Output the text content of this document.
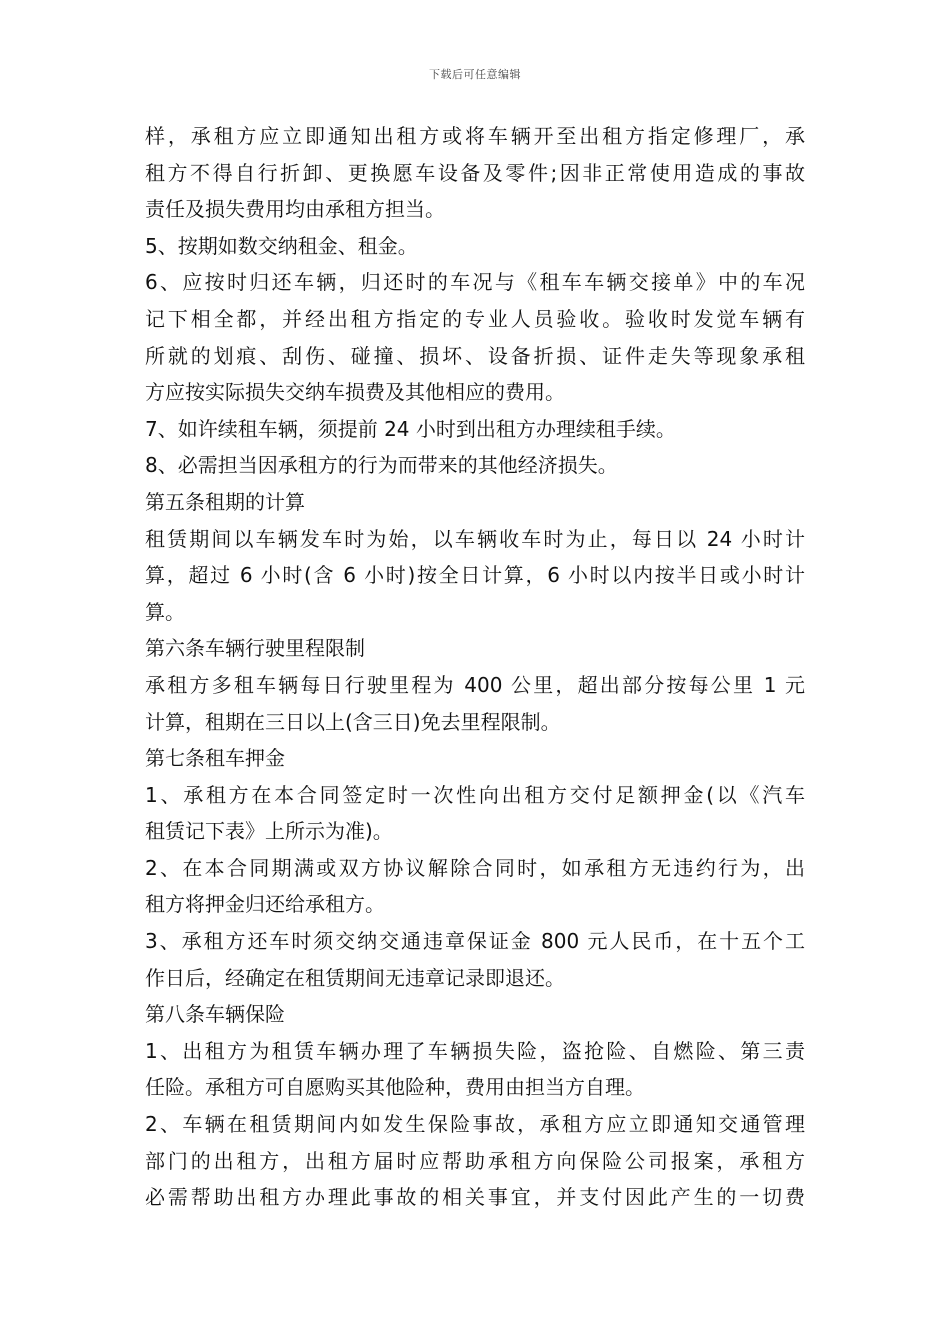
下载后可任意编辑
样，承租方应立即通知出租方或将车辆开至出租方指定修理厂，承
租方不得自行折卸、更换愿车设备及零件;因非正常使用造成的事故
责任及损失费用均由承租方担当。
5、按期如数交纳租金、租金。
6、应按时归还车辆，归还时的车况与《租车车辆交接单》中的车况
记下相全都，并经出租方指定的专业人员验收。验收时发觉车辆有
所就的划痕、刮伤、碰撞、损坏、设备折损、证件走失等现象承租
方应按实际损失交纳车损费及其他相应的费用。
7、如许续租车辆，须提前 24 小时到出租方办理续租手续。
8、必需担当因承租方的行为而带来的其他经济损失。
第五条租期的计算
租赁期间以车辆发车时为始，以车辆收车时为止，每日以 24 小时计
算，超过 6 小时(含 6 小时)按全日计算，6 小时以内按半日或小时计
算。
第六条车辆行驶里程限制
承租方多租车辆每日行驶里程为 400 公里，超出部分按每公里 1 元
计算，租期在三日以上(含三日)免去里程限制。
第七条租车押金
1、承租方在本合同签定时一次性向出租方交付足额押金(以《汽车
租赁记下表》上所示为准)。
2、在本合同期满或双方协议解除合同时，如承租方无违约行为，出
租方将押金归还给承租方。
3、承租方还车时须交纳交通违章保证金 800 元人民币，在十五个工
作日后，经确定在租赁期间无违章记录即退还。
第八条车辆保险
1、出租方为租赁车辆办理了车辆损失险，盗抢险、自燃险、第三责
任险。承租方可自愿购买其他险种，费用由担当方自理。
2、车辆在租赁期间内如发生保险事故，承租方应立即通知交通管理
部门的出租方，出租方届时应帮助承租方向保险公司报案，承租方
必需帮助出租方办理此事故的相关事宜，并支付因此产生的一切费
